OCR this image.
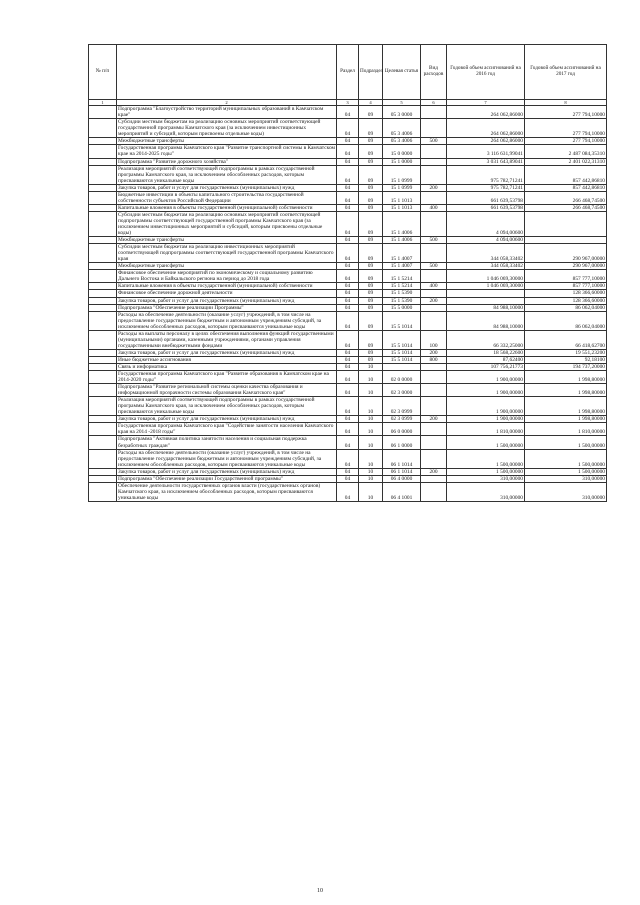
№ п/п		Раздел	Подраздел	Целевая статья	Вид расходов	Годовой объем ассигнований на 2016 год	Годовой объем ассигнований на 2017 год
1	2	3	4	5	6	7	8
	Подпрограмма "Благоустройство территорий муниципальных образований в Камчатском крае"	04	09	05 3 0000		264 062,86000	277 794,10000
	Субсидии местным бюджетам на реализацию основных мероприятий соответствующей государственной программы Камчатского края (за исключением инвестиционных мероприятий и субсидий, которым присвоены отдельные коды)	04	09	05 3 4006		264 062,86000	277 794,10000
	Межбюджетные трансферты	04	09	05 3 4006	500	264 062,86000	277 794,10000
	Государственная программа Камчатского края "Развитие транспортной системы в Камчатском крае на 2014-2025 годы"	04	09	15 0 0000		3 116 631,99041	2 487 084,35310
	Подпрограмма "Развитие дорожного хозяйства"	04	09	15 1 0000		3 031 643,89041	2 401 022,31310
	Реализация мероприятий соответствующей подпрограммы в рамках государственной программы Камчатского края, за исключением обособленных расходов, которым присваиваются уникальные коды	04	09	15 1 0999		975 782,71241	857 442,86810
	Закупка товаров, работ и услуг для государственных (муниципальных) нужд	04	09	15 1 0999	200	975 782,71241	857 442,86810
	Бюджетные инвестиции в объекты капитального строительства государственной собственности субъектов Российской Федерации	04	09	15 1 1013		661 639,53798	266 468,74500
	Капитальные вложения в объекты государственной (муниципальной) собственности	04	09	15 1 1013	400	661 639,53798	266 468,74500
	Субсидии местным бюджетам на реализацию основных мероприятий соответствующей подпрограммы соответствующей государственной программы Камчатского края (за исключением инвестиционных мероприятий и субсидий, которым присвоены отдельные коды)	04	09	15 1 4006		4 094,00600	
	Межбюджетные трансферты	04	09	15 1 4006	500	4 094,00600	
	Субсидии местным бюджетам на реализацию инвестиционных мероприятий соответствующей подпрограммы соответствующей государственной программы Камчатского края	04	09	15 1 4007		344 058,33402	290 967,00000
	Межбюджетные трансферты	04	09	15 1 4007	500	344 058,33402	290 967,00000
	Финансовое обеспечение мероприятий по экономическому и социальному развитию Дальнего Востока и Байкальского региона на период до 2018 года	04	09	15 1 5214		1 046 069,30000	857 777,10000
	Капитальные вложения в объекты государственной (муниципальной) собственности	04	09	15 1 5214	400	1 046 069,30000	857 777,10000
	Финансовое обеспечение дорожной деятельности	04	09	15 1 5390			128 366,60000
	Закупка товаров, работ и услуг для государственных (муниципальных) нужд	04	09	15 1 5390	200		128 366,60000
	Подпрограмма "Обеспечение реализации Программы"	04	09	15 5 0000		84 988,10000	86 062,04000
	Расходы на обеспечение деятельности (оказание услуг) учреждений, в том числе на предоставление государственным бюджетным и автономным учреждениям субсидий, за исключением обособленных расходов, которым присваиваются уникальные коды	04	09	15 5 1014		84 988,10000	86 062,04000
	Расходы на выплаты персоналу в целях обеспечения выполнения функций государственными (муниципальными) органами, казенными учреждениями, органами управления государственными внебюджетными фондами	04	09	15 5 1014	100	66 332,25000	66 418,62700
	Закупка товаров, работ и услуг для государственных (муниципальных) нужд	04	09	15 5 1014	200	18 568,22600	19 551,23200
	Иные бюджетные ассигнования	04	09	15 5 1014	800	87,62400	92,18100
	Связь и информатика	04	10			107 756,21773	194 737,20000
	Государственная программа Камчатского края "Развитие образования в Камчатском крае на 2014-2020 годы"	04	10	02 0 0000		1 900,00000	1 998,80000
	Подпрограмма "Развитие региональной системы оценки качества образования и информационной прозрачности системы образования Камчатского края"	04	10	02 3 0000		1 900,00000	1 998,80000
	Реализация мероприятий соответствующей подпрограммы в рамках государственной программы Камчатского края, за исключением обособленных расходов, которым присваиваются уникальные коды	04	10	02 3 0999		1 900,00000	1 998,80000
	Закупка товаров, работ и услуг для государственных (муниципальных) нужд	04	10	02 3 0999	200	1 900,00000	1 998,80000
	Государственная программа Камчатского края "Содействие занятости населения Камчатского края на 2014 -2018 годы"	04	10	06 0 0000		1 810,00000	1 810,00000
	Подпрограмма "Активная политика занятости населения и социальная поддержка безработных граждан"	04	10	06 1 0000		1 500,00000	1 500,00000
	Расходы на обеспечение деятельности (оказание услуг) учреждений, в том числе на предоставление государственным бюджетным и автономным учреждениям субсидий, за исключением обособленных расходов, которым присваиваются уникальные коды	04	10	06 1 1014		1 500,00000	1 500,00000
	Закупка товаров, работ и услуг для государственных (муниципальных) нужд	04	10	06 1 1014	200	1 500,00000	1 500,00000
	Подпрограмма "Обеспечение реализации Государственной программы"	04	10	06 4 0000		310,00000	310,00000
	Обеспечение деятельности государственных органов власти (государственных органов) Камчатского края, за исключением обособленных расходов, которым присваиваются уникальные коды	04	10	06 4 1001		310,00000	310,00000
10
